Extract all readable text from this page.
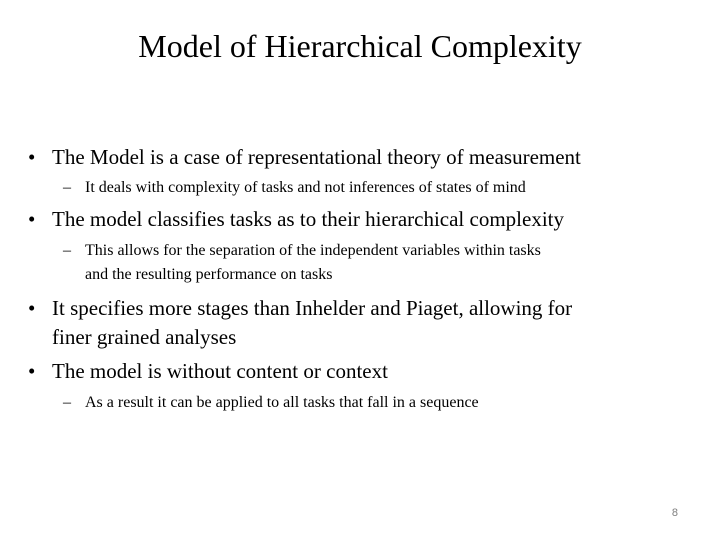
Model of Hierarchical Complexity
• The Model is a case of representational theory of measurement
– It deals with complexity of tasks and not inferences of states of mind
• The model classifies tasks as to their hierarchical complexity
– This allows for the separation of the independent variables within tasks
and the resulting performance on tasks
• It specifies more stages than Inhelder and Piaget, allowing for
finer grained analyses
• The model is without content or context
– As a result it can be applied to all tasks that fall in a sequence
8
